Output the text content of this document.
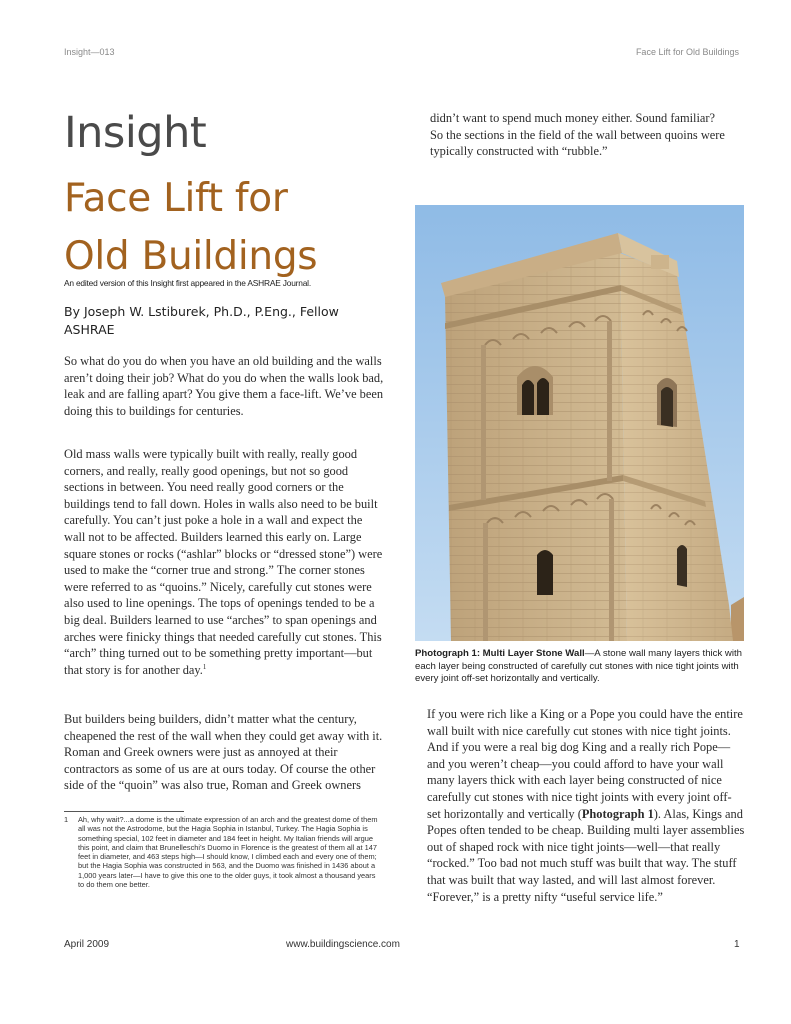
Insight—013	Face Lift for Old Buildings
Insight
Face Lift for
Old Buildings
An edited version of this Insight first appeared in the ASHRAE Journal.
By Joseph W. Lstiburek, Ph.D., P.Eng., Fellow ASHRAE

So what do you do when you have an old building and the walls aren’t doing their job? What do you do when the walls look bad, leak and are falling apart? You give them a face-lift. We’ve been doing this to buildings for centuries.

Old mass walls were typically built with really, really good corners, and really, really good openings, but not so good sections in between. You need really good corners or the buildings tend to fall down. Holes in walls also need to be built carefully. You can’t just poke a hole in a wall and expect the wall not to be affected. Builders learned this early on. Large square stones or rocks (“ashlar” blocks or “dressed stone”) were used to make the “corner true and strong.” The corner stones were referred to as “quoins.” Nicely, carefully cut stones were also used to line openings. The tops of openings tended to be a big deal. Builders learned to use “arches” to span openings and arches were finicky things that needed carefully cut stones. This “arch” thing turned out to be something pretty important—but that story is for another day.$^1$

But builders being builders, didn’t matter what the century, cheapened the rest of the wall when they could get away with it. Roman and Greek owners were just as annoyed at their contractors as some of us are at ours today. Of course the other side of the “quoin” was also true, Roman and Greek owners

1 Ah, why wait?...a dome is the ultimate expression of an arch and the greatest dome of them all was not the Astrodome, but the Hagia Sophia in Istanbul, Turkey. The Hagia Sophia is something special, 102 feet in diameter and 184 feet in height. My Italian friends will argue this point, and claim that Brunelleschi’s Duomo in Florence is the greatest of them all at 147 feet in diameter, and 463 steps high—I should know, I climbed each and every one of them; but the Hagia Sophia was constructed in 563, and the Duomo was finished in 1436 about a 1,000 years later—I have to give this one to the older guys, it took almost a thousand years to do them one better.

didn’t want to spend much money either. Sound familiar? So the sections in the field of the wall between quoins were typically constructed with “rubble.”

Photograph 1: Multi Layer Stone Wall—A stone wall many layers thick with each layer being constructed of carefully cut stones with nice tight joints with every joint off-set horizontally and vertically.

If you were rich like a King or a Pope you could have the entire wall built with nice carefully cut stones with nice tight joints. And if you were a real big dog King and a really rich Pope—and you weren’t cheap—you could afford to have your wall many layers thick with each layer being constructed of nice carefully cut stones with nice tight joints with every joint off-set horizontally and vertically (Photograph 1). Alas, Kings and Popes often tended to be cheap. Building multi layer assemblies out of shaped rock with nice tight joints—well—that really “rocked.” Too bad not much stuff was built that way. The stuff that was built that way lasted, and will last almost forever. “Forever,” is a pretty nifty “useful service life.”

April 2009	www.buildingscience.com	1
